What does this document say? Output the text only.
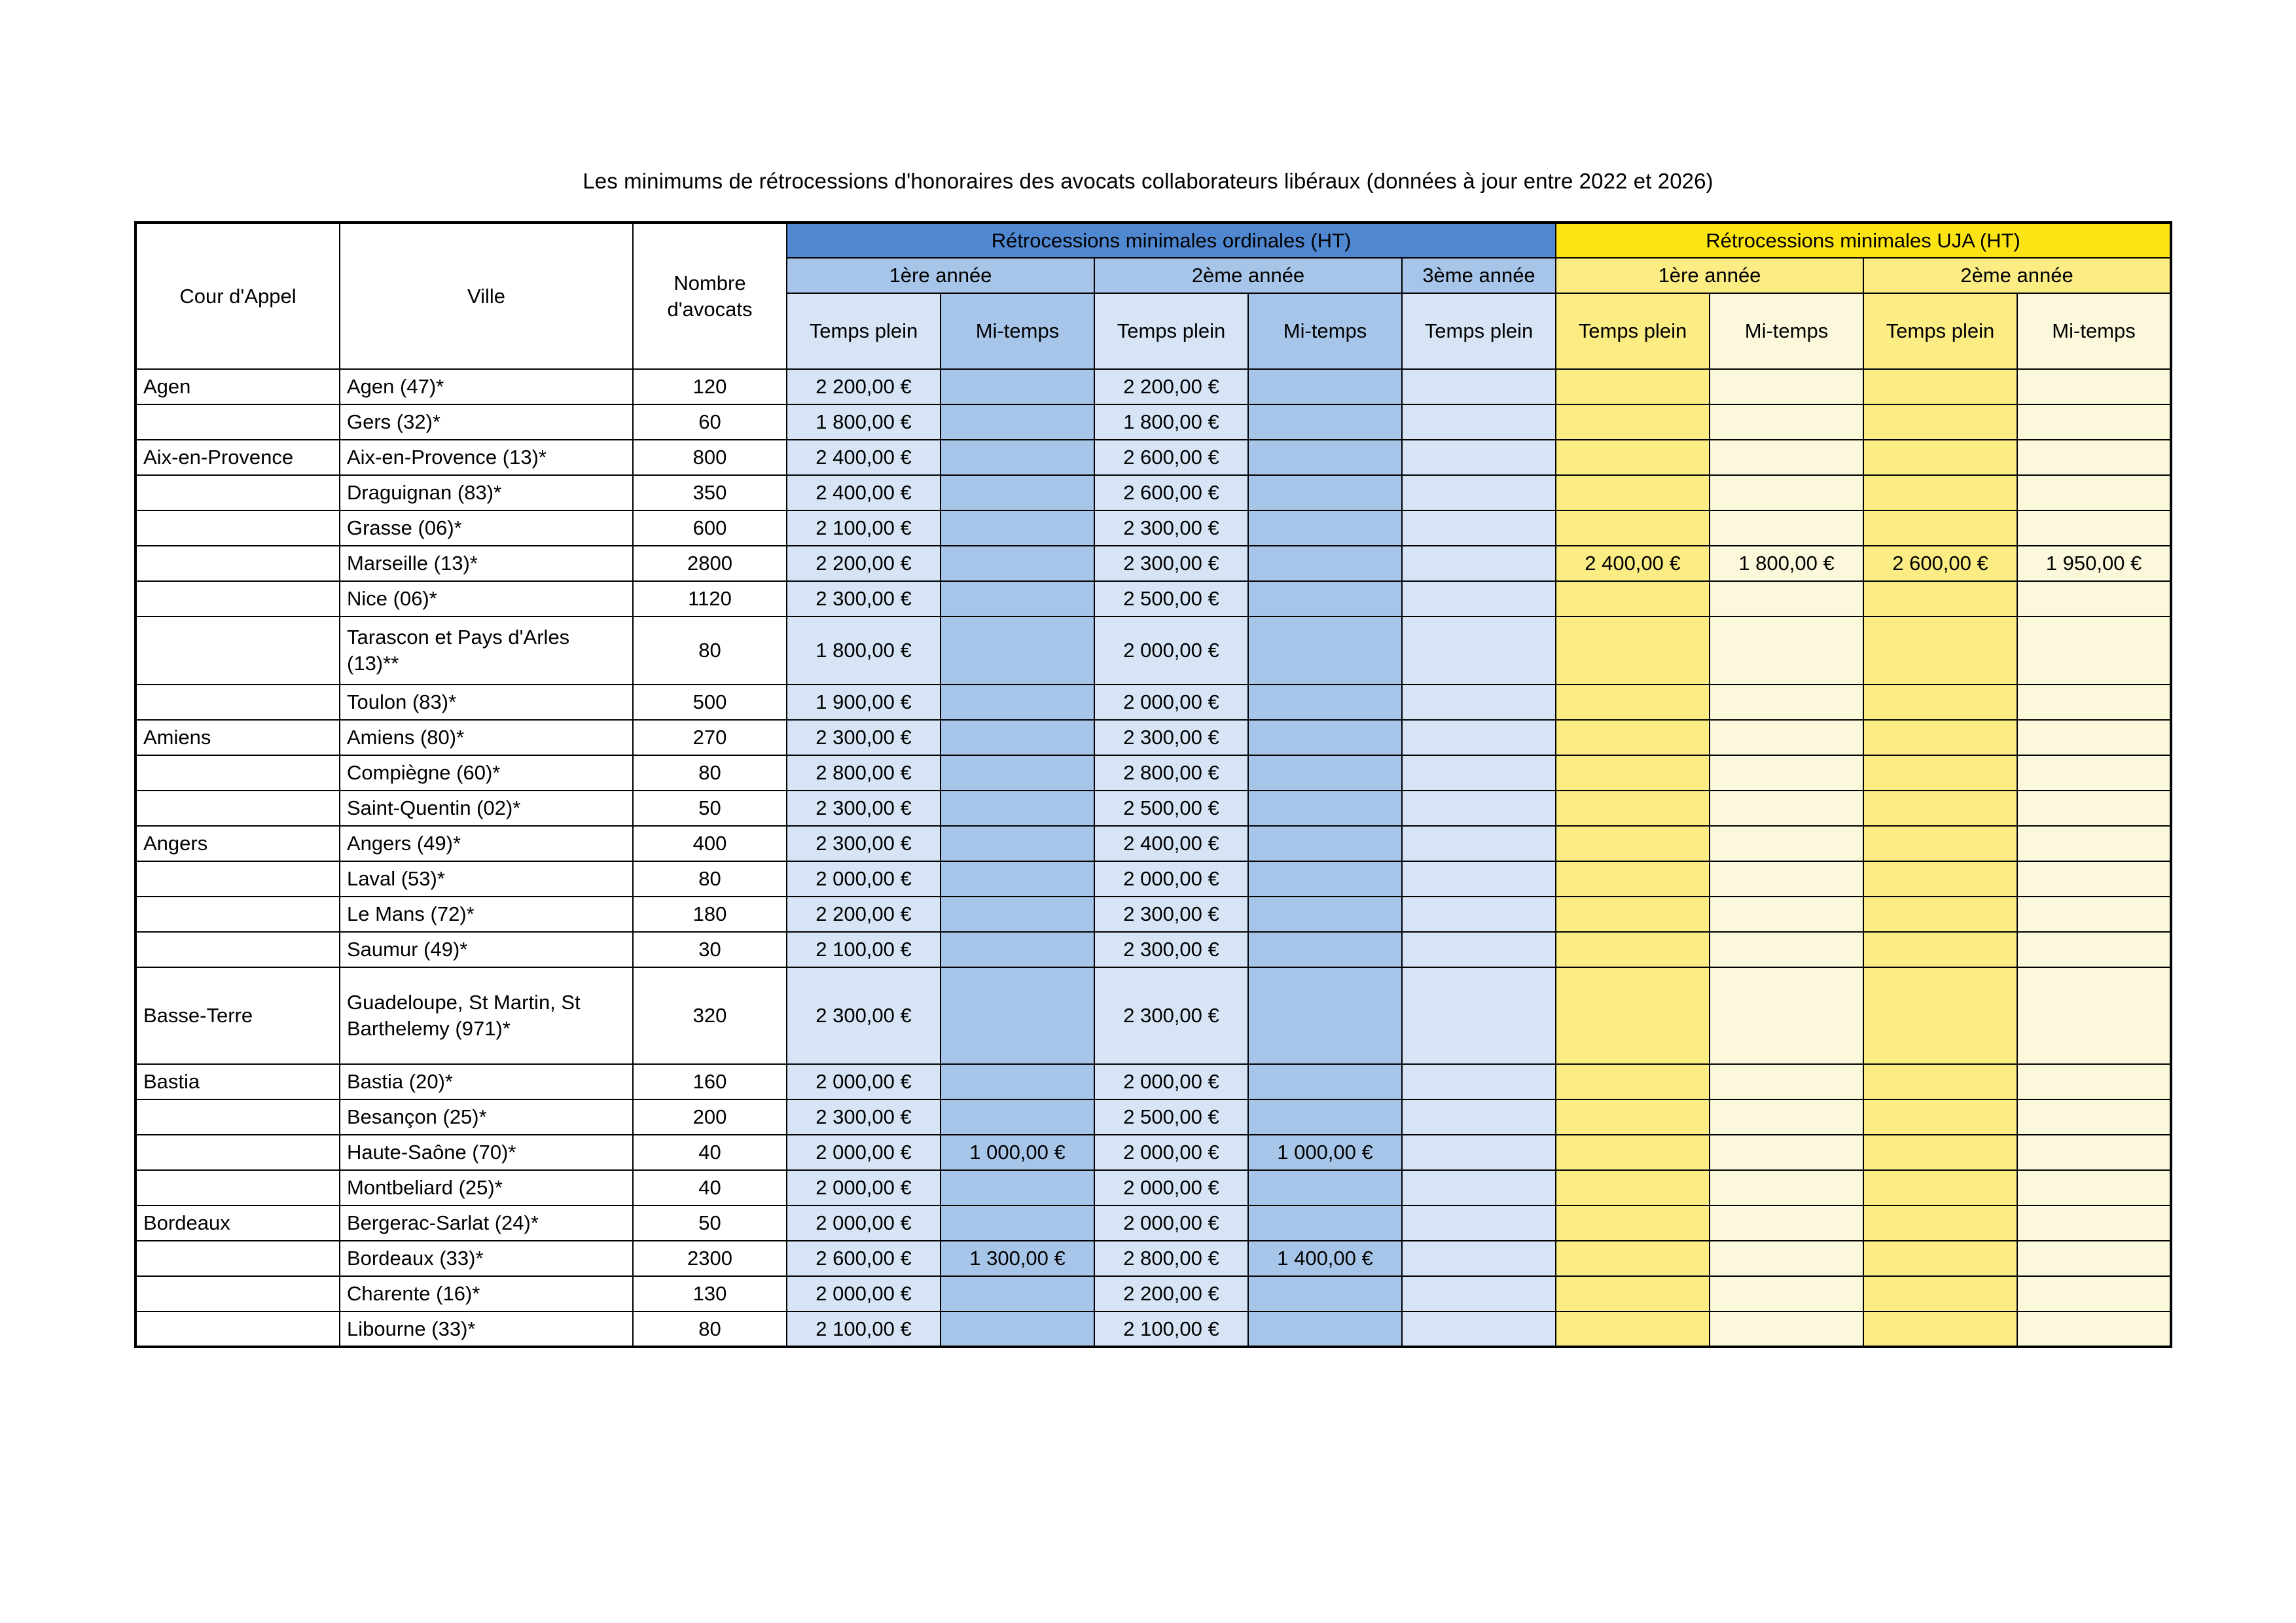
Les minimums de rétrocessions d'honoraires des avocats collaborateurs libéraux (données à jour entre 2022 et 2026)
Cour d'Appel	Ville	Nombre d'avocats	Rétrocessions minimales ordinales (HT)					Rétrocessions minimales UJA (HT)			
			1ère année		2ème année		3ème année	1ère année		2ème année	
			Temps plein	Mi-temps	Temps plein	Mi-temps	Temps plein	Temps plein	Mi-temps	Temps plein	Mi-temps
Agen	Agen (47)*	120	2 200,00 €		2 200,00 €						
	Gers (32)*	60	1 800,00 €		1 800,00 €						
Aix-en-Provence	Aix-en-Provence (13)*	800	2 400,00 €		2 600,00 €						
	Draguignan (83)*	350	2 400,00 €		2 600,00 €						
	Grasse (06)*	600	2 100,00 €		2 300,00 €						
	Marseille (13)*	2800	2 200,00 €		2 300,00 €			2 400,00 €	1 800,00 €	2 600,00 €	1 950,00 €
	Nice (06)*	1120	2 300,00 €		2 500,00 €						
	Tarascon et Pays d'Arles (13)**	80	1 800,00 €		2 000,00 €						
	Toulon (83)*	500	1 900,00 €		2 000,00 €						
Amiens	Amiens (80)*	270	2 300,00 €		2 300,00 €						
	Compiègne (60)*	80	2 800,00 €		2 800,00 €						
	Saint-Quentin (02)*	50	2 300,00 €		2 500,00 €						
Angers	Angers (49)*	400	2 300,00 €		2 400,00 €						
	Laval (53)*	80	2 000,00 €		2 000,00 €						
	Le Mans (72)*	180	2 200,00 €		2 300,00 €						
	Saumur (49)*	30	2 100,00 €		2 300,00 €						
Basse-Terre	Guadeloupe, St Martin, St Barthelemy (971)*	320	2 300,00 €		2 300,00 €						
Bastia	Bastia (20)*	160	2 000,00 €		2 000,00 €						
	Besançon (25)*	200	2 300,00 €		2 500,00 €						
	Haute-Saône (70)*	40	2 000,00 €	1 000,00 €	2 000,00 €	1 000,00 €					
	Montbeliard (25)*	40	2 000,00 €		2 000,00 €						
Bordeaux	Bergerac-Sarlat (24)*	50	2 000,00 €		2 000,00 €						
	Bordeaux (33)*	2300	2 600,00 €	1 300,00 €	2 800,00 €	1 400,00 €					
	Charente (16)*	130	2 000,00 €		2 200,00 €						
	Libourne (33)*	80	2 100,00 €		2 100,00 €						
